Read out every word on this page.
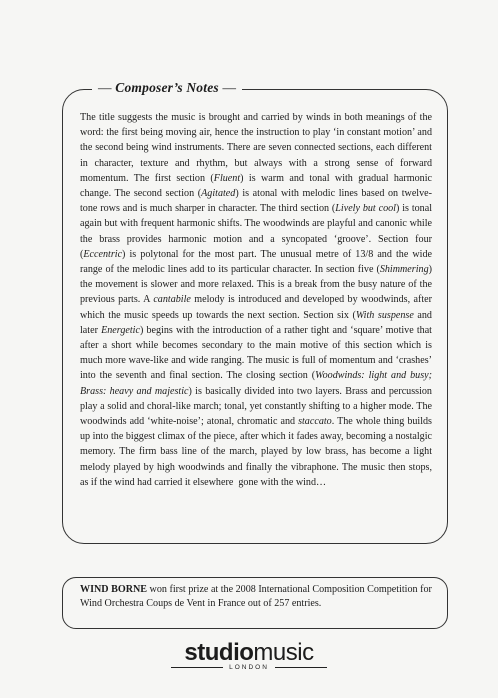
— Composer’s Notes —

The title suggests the music is brought and carried by winds in both meanings of the word: the first being moving air, hence the instruction to play ‘in constant motion’ and the second being wind instruments. There are seven connected sections, each different in character, texture and rhythm, but always with a strong sense of forward momentum. The first section (Fluent) is warm and tonal with gradual harmonic change. The second section (Agitated) is atonal with melodic lines based on twelve-tone rows and is much sharper in character. The third section (Lively but cool) is tonal again but with frequent harmonic shifts. The woodwinds are playful and canonic while the brass provides harmonic motion and a syncopated ‘groove’. Section four (Eccentric) is polytonal for the most part. The unusual metre of 13/8 and the wide range of the melodic lines add to its particular character. In section five (Shimmering) the movement is slower and more relaxed. This is a break from the busy nature of the previous parts. A cantabile melody is introduced and developed by woodwinds, after which the music speeds up towards the next section. Section six (With suspense and later Energetic) begins with the introduction of a rather tight and ‘square’ motive that after a short while becomes secondary to the main motive of this section which is much more wave-like and wide ranging. The music is full of momentum and ‘crashes’ into the seventh and final section. The closing section (Woodwinds: light and busy; Brass: heavy and majestic) is basically divided into two layers. Brass and percussion play a solid and choral-like march; tonal, yet constantly shifting to a higher mode. The woodwinds add ‘white-noise’; atonal, chromatic and staccato. The whole thing builds up into the biggest climax of the piece, after which it fades away, becoming a nostalgic memory. The firm bass line of the march, played by low brass, has become a light melody played by high woodwinds and finally the vibraphone. The music then stops, as if the wind had carried it elsewhere  gone with the wind…

WIND BORNE won first prize at the 2008 International Composition Competition for Wind Orchestra Coups de Vent in France out of 257 entries.
studiomusic
LONDON
